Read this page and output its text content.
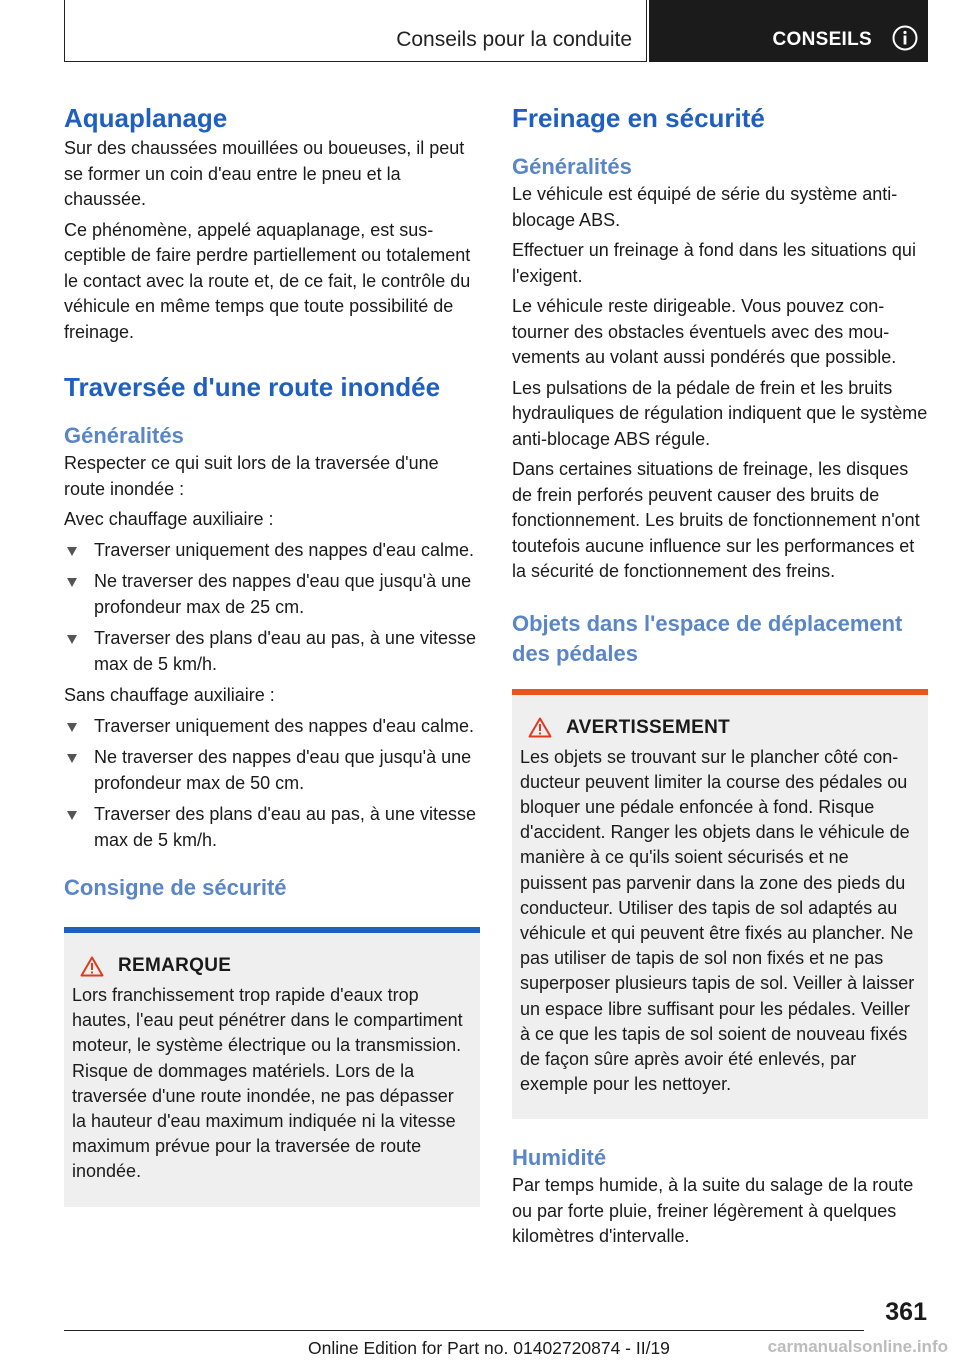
Conseils pour la conduite	CONSEILS
Aquaplanage

Sur des chaussées mouillées ou boueuses, il peut se former un coin d'eau entre le pneu et la chaussée.

Ce phénomène, appelé aquaplanage, est susceptible de faire perdre partiellement ou totalement le contact avec la route et, de ce fait, le contrôle du véhicule en même temps que toute possibilité de freinage.

Traversée d'une route inondée
Généralités

Respecter ce qui suit lors de la traversée d'une route inondée :

Avec chauffage auxiliaire :

Traverser uniquement des nappes d'eau calme.
Ne traverser des nappes d'eau que jusqu'à une profondeur max de 25 cm.
Traverser des plans d'eau au pas, à une vitesse max de 5 km/h.

Sans chauffage auxiliaire :

Traverser uniquement des nappes d'eau calme.
Ne traverser des nappes d'eau que jusqu'à une profondeur max de 50 cm.
Traverser des plans d'eau au pas, à une vitesse max de 5 km/h.
Consigne de sécurité
REMARQUE

Lors franchissement trop rapide d'eaux trop hautes, l'eau peut pénétrer dans le compartiment moteur, le système électrique ou la transmission. Risque de dommages matériels. Lors de la traversée d'une route inondée, ne pas dépasser la hauteur d'eau maximum indiquée ni la vitesse maximum prévue pour la traversée de route inondée.

Freinage en sécurité
Généralités

Le véhicule est équipé de série du système antiblocage ABS.

Effectuer un freinage à fond dans les situations qui l'exigent.

Le véhicule reste dirigeable. Vous pouvez contourner des obstacles éventuels avec des mouvements au volant aussi pondérés que possible.

Les pulsations de la pédale de frein et les bruits hydrauliques de régulation indiquent que le système anti-blocage ABS régule.

Dans certaines situations de freinage, les disques de frein perforés peuvent causer des bruits de fonctionnement. Les bruits de fonctionnement n'ont toutefois aucune influence sur les performances et la sécurité de fonctionnement des freins.

Objets dans l'espace de déplacement des pédales
AVERTISSEMENT

Les objets se trouvant sur le plancher côté conducteur peuvent limiter la course des pédales ou bloquer une pédale enfoncée à fond. Risque d'accident. Ranger les objets dans le véhicule de manière à ce qu'ils soient sécurisés et ne puissent pas parvenir dans la zone des pieds du conducteur. Utiliser des tapis de sol adaptés au véhicule et qui peuvent être fixés au plancher. Ne pas utiliser de tapis de sol non fixés et ne pas superposer plusieurs tapis de sol. Veiller à laisser un espace libre suffisant pour les pédales. Veiller à ce que les tapis de sol soient de nouveau fixés de façon sûre après avoir été enlevés, par exemple pour les nettoyer.

Humidité

Par temps humide, à la suite du salage de la route ou par forte pluie, freiner légèrement à quelques kilomètres d'intervalle.

361
Online Edition for Part no. 01402720874 - II/19	carmanualsonline.info
